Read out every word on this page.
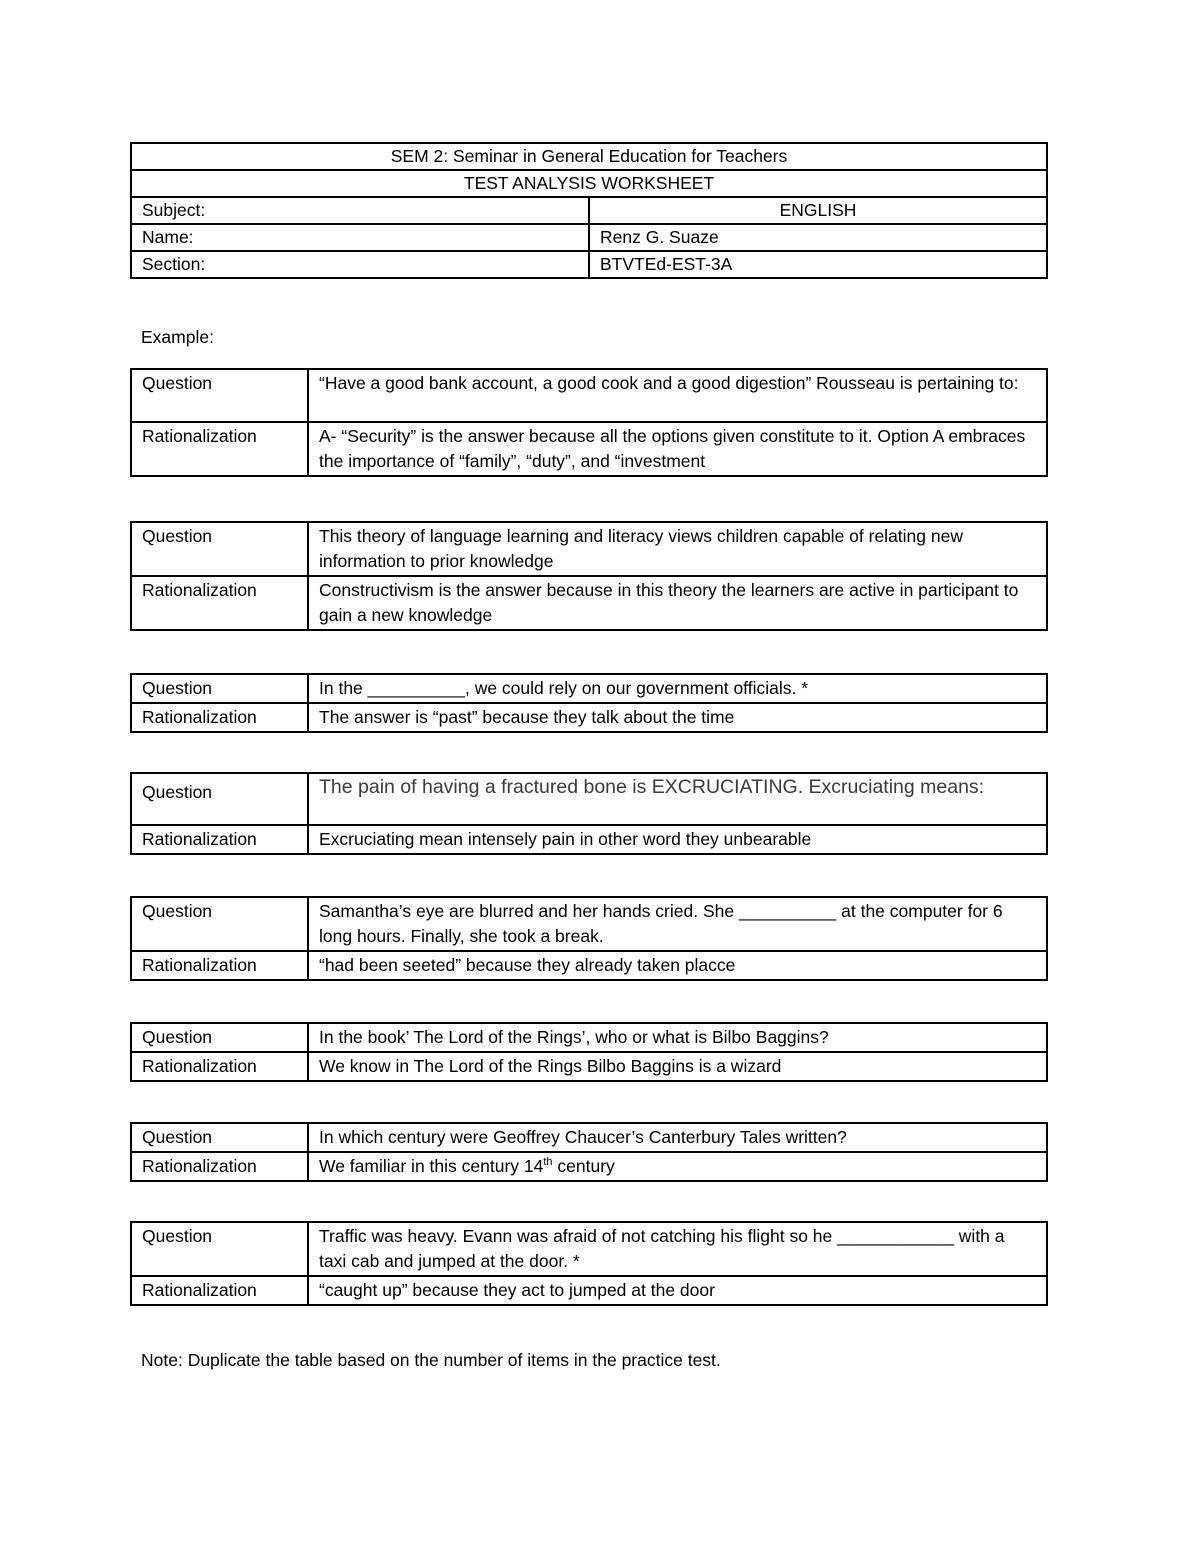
SEM 2: Seminar in General Education for Teachers	
TEST ANALYSIS WORKSHEET	
Subject:	ENGLISH
Name:	Renz G. Suaze
Section:	BTVTEd-EST-3A
Example:
Question	“Have a good bank account, a good cook and a good digestion” Rousseau is pertaining to:
Rationalization	A- “Security” is the answer because all the options given constitute to it. Option A embraces the importance of “family”, “duty”, and “investment
Question	This theory of language learning and literacy views children capable of relating new information to prior knowledge
Rationalization	Constructivism is the answer because in this theory the learners are active in participant to gain a new knowledge
Question	In the __________, we could rely on our government officials. *
Rationalization	The answer is “past” because they talk about the time
Question	The pain of having a fractured bone is EXCRUCIATING. Excruciating means:
Rationalization	Excruciating mean intensely pain in other word they unbearable
Question	Samantha’s eye are blurred and her hands cried. She __________ at the computer for 6 long hours. Finally, she took a break.
Rationalization	“had been seeted” because they already taken placce
Question	In the book’ The Lord of the Rings’, who or what is Bilbo Baggins?
Rationalization	We know in The Lord of the Rings Bilbo Baggins is a wizard
Question	In which century were Geoffrey Chaucer’s Canterbury Tales written?
Rationalization	We familiar in this century 14th century
Question	Traffic was heavy. Evann was afraid of not catching his flight so he ____________ with a taxi cab and jumped at the door. *
Rationalization	“caught up” because they act to jumped at the door
Note: Duplicate the table based on the number of items in the practice test.
